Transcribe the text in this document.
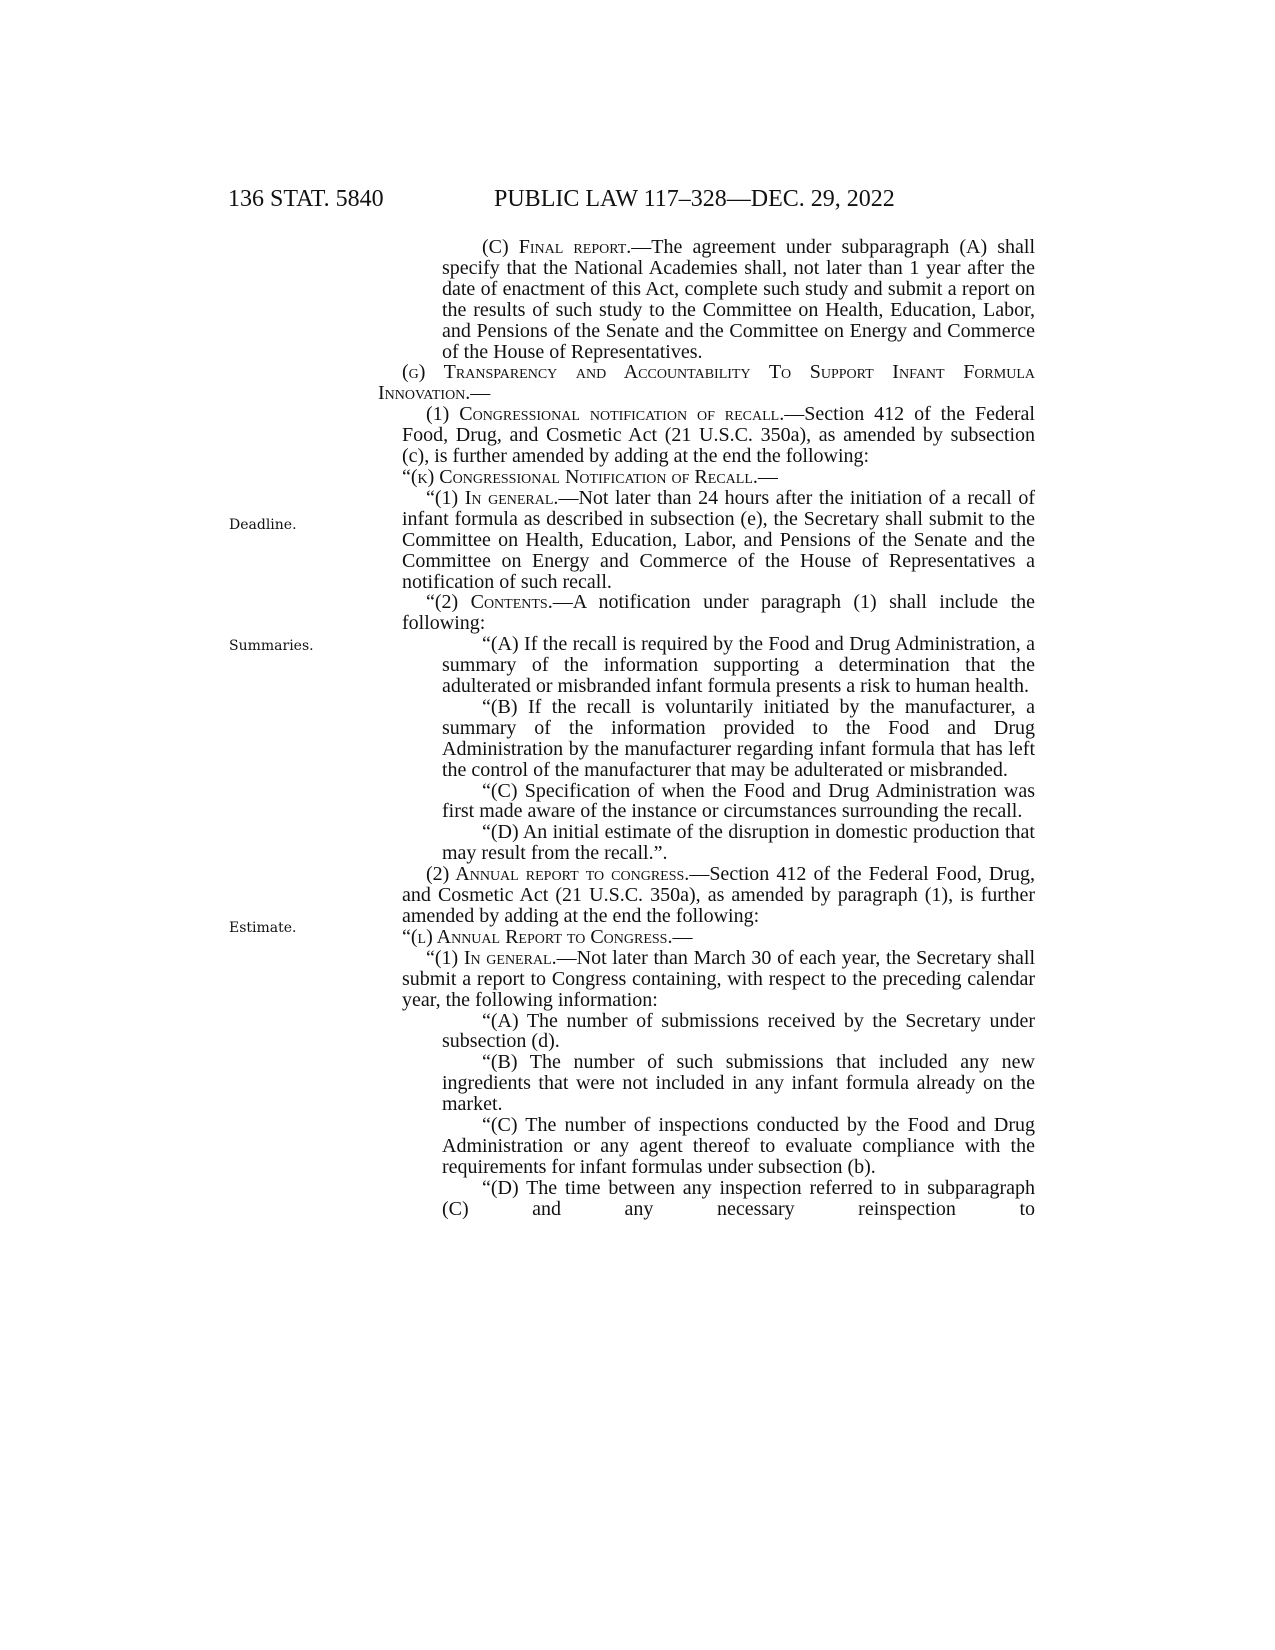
136 STAT. 5840	PUBLIC LAW 117–328—DEC. 29, 2022
Deadline.
Summaries.
Estimate.

(C) Final report.—The agreement under subparagraph (A) shall specify that the National Academies shall, not later than 1 year after the date of enactment of this Act, complete such study and submit a report on the results of such study to the Committee on Health, Education, Labor, and Pensions of the Senate and the Committee on Energy and Commerce of the House of Representatives.

(g) Transparency and Accountability To Support Infant Formula Innovation.—

(1) Congressional notification of recall.—Section 412 of the Federal Food, Drug, and Cosmetic Act (21 U.S.C. 350a), as amended by subsection (c), is further amended by adding at the end the following:

“(k) Congressional Notification of Recall.—

“(1) In general.—Not later than 24 hours after the initiation of a recall of infant formula as described in subsection (e), the Secretary shall submit to the Committee on Health, Education, Labor, and Pensions of the Senate and the Committee on Energy and Commerce of the House of Representatives a notification of such recall.

“(2) Contents.—A notification under paragraph (1) shall include the following:

“(A) If the recall is required by the Food and Drug Administration, a summary of the information supporting a determination that the adulterated or misbranded infant formula presents a risk to human health.

“(B) If the recall is voluntarily initiated by the manufacturer, a summary of the information provided to the Food and Drug Administration by the manufacturer regarding infant formula that has left the control of the manufacturer that may be adulterated or misbranded.

“(C) Specification of when the Food and Drug Administration was first made aware of the instance or circumstances surrounding the recall.

“(D) An initial estimate of the disruption in domestic production that may result from the recall.”.

(2) Annual report to congress.—Section 412 of the Federal Food, Drug, and Cosmetic Act (21 U.S.C. 350a), as amended by paragraph (1), is further amended by adding at the end the following:

“(l) Annual Report to Congress.—

“(1) In general.—Not later than March 30 of each year, the Secretary shall submit a report to Congress containing, with respect to the preceding calendar year, the following information:

“(A) The number of submissions received by the Secretary under subsection (d).

“(B) The number of such submissions that included any new ingredients that were not included in any infant formula already on the market.

“(C) The number of inspections conducted by the Food and Drug Administration or any agent thereof to evaluate compliance with the requirements for infant formulas under subsection (b).

“(D) The time between any inspection referred to in subparagraph (C) and any necessary reinspection to
